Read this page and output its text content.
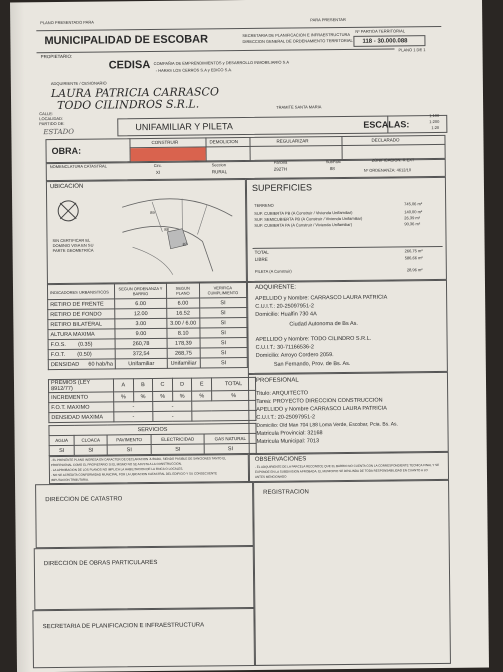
PLANO PRESENTADO PARA	PARA PRESENTAR
MUNICIPALIDAD DE ESCOBAR	SECRETARIA DE PLANIFICACION E INFRAESTRUCTURA
DIRECCION GENERAL DE ORDENAMIENTO TERRITORIAL
Nº PARTIDA TERRITORIAL
118 - 30.000.088
PLANO 1 DE 1
PROPIETARIO:
CEDISA COMPAÑIA DE EMPRENDIMIENTOS y DESARROLLO INMOBILIARIO S.A
- HARAS LOS CERROS S.A y EDICO S.A.
ADQUIRIENTE / CESIONARIO
LAURA PATRICIA CARRASCO
TODO CILINDROS S.R.L.
CALLE:
LOCALIDAD:
PARTIDO DE:
TRAMITE SANTA MARIA
ESTADO	UNIFAMILIAR Y PILETA	ESCALAS:
1:100
1:200
1:20
OBRA:
CONSTRUIR	DEMOLICION	REGULARIZAR	DECLARADO
NOMENCLATURA CATASTRAL	Circ.
XI
Seccion
RURAL
Parcela
2927H
SubParc
88
ZONIFICACION: R EXT
Nº ORDENANZA: 4612/10
UBICACION
89
88
87
SIN CERTIFICAR EL DOMINIO VISA EN SU PARTE GEOMETRICA
SUPERFICIES
TERRENO	745,06 m²
SUP. CUBIERTA PB (A Construir / Vivienda Unifamiliar)	140,00 m²
SUP. SEMICUBIERTA PB (A Construir / Vivienda Unifamiliar)	26,39 m²
SUP. CUBIERTA PA (A Construir / Vivienda Unifamiliar)	90,36 m²
TOTAL	266,75 m²
LIBRE	586,66 m²
PILETA (A Construir)	28,96 m²
INDICADORES URBANISTICOS	SEGUN ORDENANZA Y BARRIO	SEGUN PLANO	VERIFICA CUMPLIMIENTO
RETIRO DE FRENTE	6.00	6.00	SI
RETIRO DE FONDO	12.00	16.52	SI
RETIRO BILATERAL	3.00	3.00 / 6.00	SI
ALTURA MAXIMA	9.00	8.10	SI
F.O.S.        (0.35)	260,78	178,39	SI
F.O.T.        (0.50)	372,54	268,75	SI
DENSIDAD      60 hab/ha	Unifamiliar	Unifamiliar	SI
PREMIOS (LEY 8912/77)	A	B	C	D	E	TOTAL
INCREMENTO	%	%	%	%	%	%
F.O.T. MAXIMO	-		-			
DENSIDAD MAXIMA	-		-			
SERVICIOS				
AGUA	CLOACA	PAVIMENTO	ELECTRICIDAD	GAS NATURAL
SI	SI	SI	SI	SI
ADQUIRENTE:
APELLIDO y Nombre: CARRASCO LAURA PATRICIA
C.U.I.T.: 20-25097951-2
Domicilio: Hualfin 730 4A
Ciudad Autonoma de Bs As.
APELLIDO y Nombre: TODO CILINDRO S.R.L.
C.U.I.T.: 30-71166536-2
Domicilio: Arroyo Cordero 2059.
San Fernando, Prov. de Bs. As.
PROFESIONAL
Titulo: ARQUITECTO
Tarea: PROYECTO DIRECCION CONSTRUCCION
APELLIDO y Nombre CARRASCO LAURA PATRICIA
C.U.I.T.: 20-25097951-2
Domicilio: Old Man 704 L88 Loma Verde, Escobar, Pcia. Bs. As.
Matricula Provincial: 32168
Matricula Municipal: 7013
- EL PRESENTE PLANO INGRESA EN CARACTER DE DECLARACION JURADA, SIENDO PASIBLE DE SANCIONES TANTO EL
PROFESIONAL COMO EL PROPIETARIO SI EL MISMO NO SE AJUSTA A LA CONSTRUCCION.
- LA APROBACION DE LOS PLANOS NO IMPLICA LA HABILITACION DE LA FINCA O LOCALES.
- NO SE ACREDITA CONFORMIDAD MUNICIPAL POR LA UBICACION CATASTRAL DEL EDIFICIO Y SU CONSECUENTE
IMPUTACION TRIBUTARIA.
OBSERVACIONES
- EL ADQUIRIENTE DE LA PARCELA RECONOCE QUE EL BARRIO NO CUENTA CON LA CORRESPONDIENTE TECNICA FINAL Y SE
EXPONDE EN LA SUBDIVISION APROBADA, EL MUNICIPIO SE DESLINDA DE TODA RESPONSABILIDAD EN CUANTO A LO
ANTES MENCIONADO
DIRECCION DE CATASTRO
DIRECCION DE OBRAS PARTICULARES
SECRETARIA DE PLANIFICACION E INFRAESTRUCTURA
REGISTRACION
